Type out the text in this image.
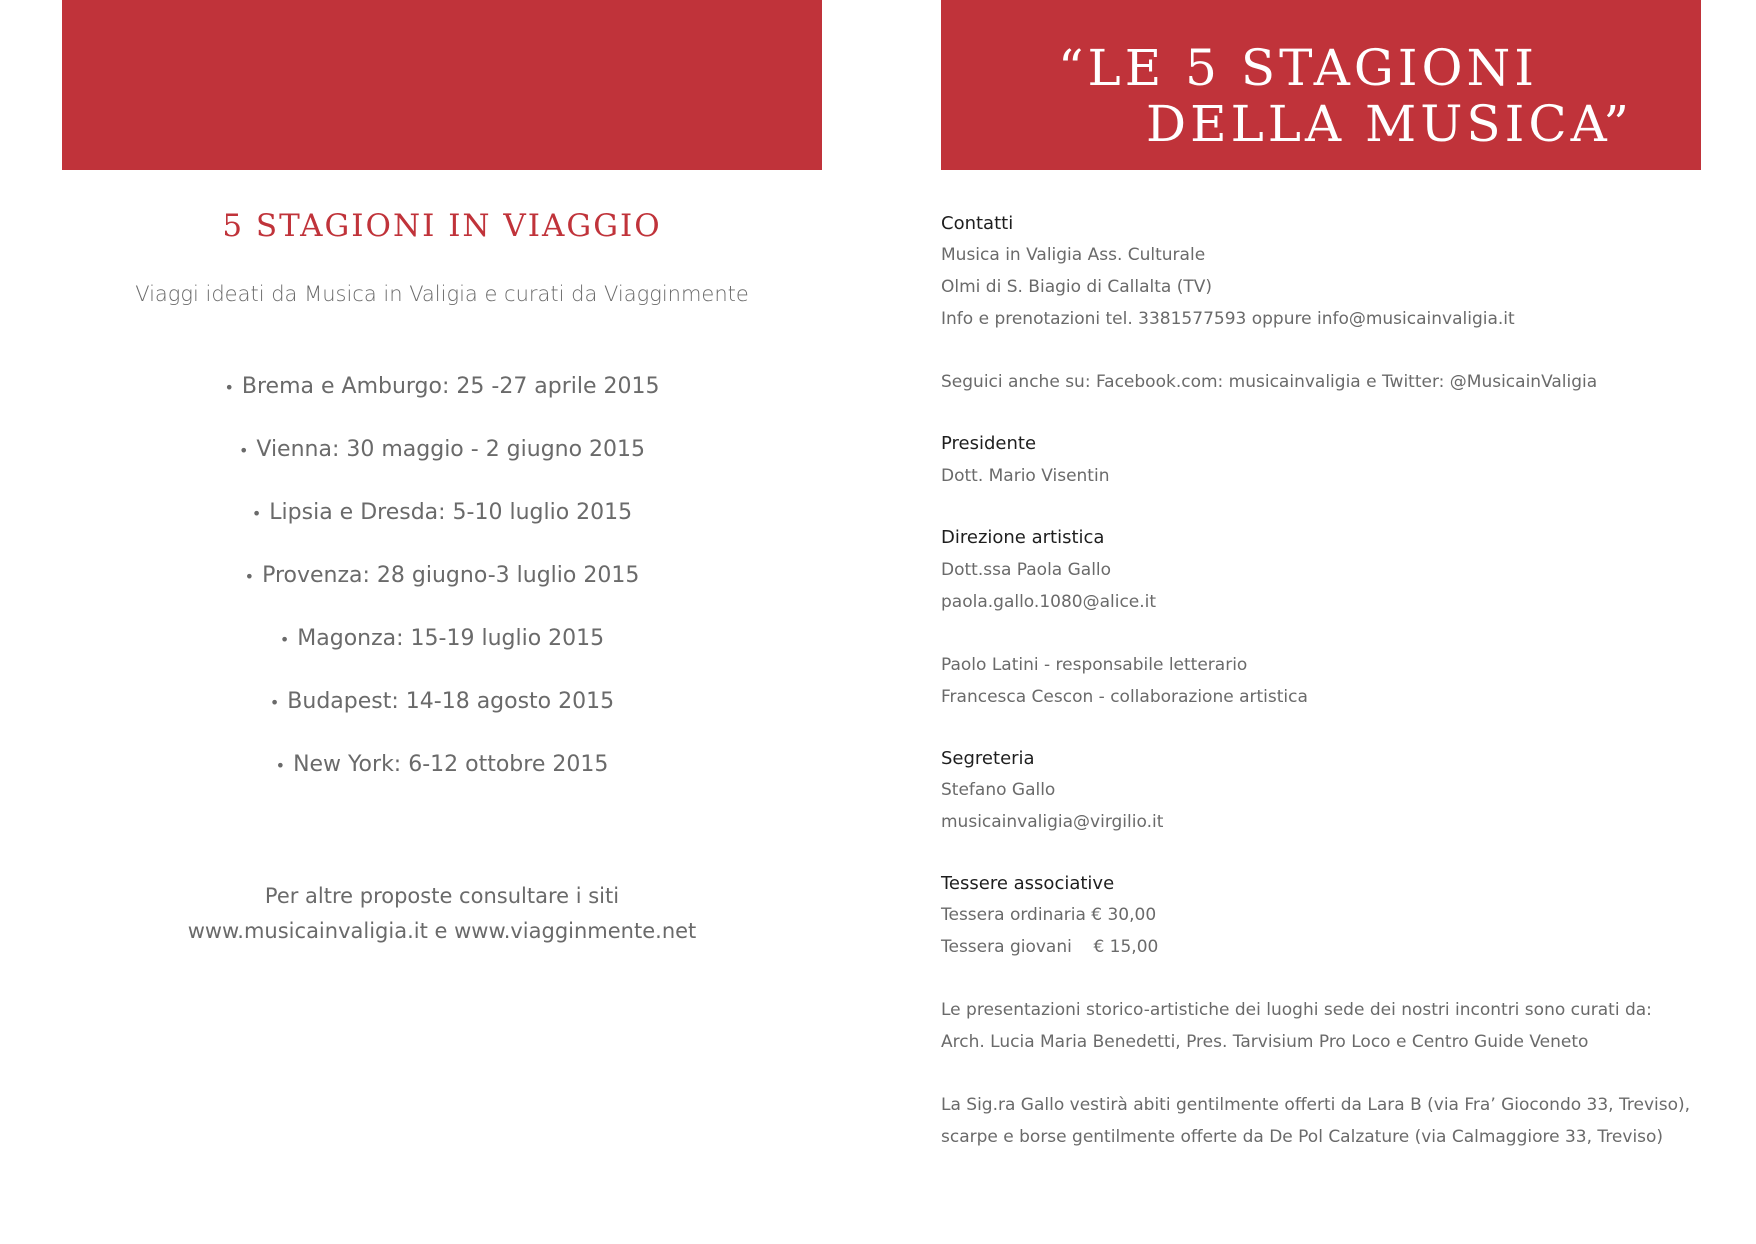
“LE 5 STAGIONI
DELLA MUSICA”
5 STAGIONI IN VIAGGIO
Viaggi ideati da Musica in Valigia e curati da Viagginmente
• Brema e Amburgo: 25 -27 aprile 2015
• Vienna: 30 maggio - 2 giugno 2015
• Lipsia e Dresda: 5-10 luglio 2015
• Provenza: 28 giugno-3 luglio 2015
• Magonza: 15-19 luglio 2015
• Budapest: 14-18 agosto 2015
• New York: 6-12 ottobre 2015
Per altre proposte consultare i siti
www.musicainvaligia.it e www.viagginmente.net
Contatti
Musica in Valigia Ass. Culturale
Olmi di S. Biagio di Callalta (TV)
Info e prenotazioni tel. 3381577593 oppure info@musicainvaligia.it
Seguici anche su: Facebook.com: musicainvaligia e Twitter: @MusicainValigia
Presidente
Dott. Mario Visentin
Direzione artistica
Dott.ssa Paola Gallo
paola.gallo.1080@alice.it
Paolo Latini - responsabile letterario
Francesca Cescon - collaborazione artistica
Segreteria
Stefano Gallo
musicainvaligia@virgilio.it
Tessere associative
Tessera ordinaria € 30,00
Tessera giovani    € 15,00
Le presentazioni storico-artistiche dei luoghi sede dei nostri incontri sono curati da:
Arch. Lucia Maria Benedetti, Pres. Tarvisium Pro Loco e Centro Guide Veneto
La Sig.ra Gallo vestirà abiti gentilmente offerti da Lara B (via Fra’ Giocondo 33, Treviso),
scarpe e borse gentilmente offerte da De Pol Calzature (via Calmaggiore 33, Treviso)
